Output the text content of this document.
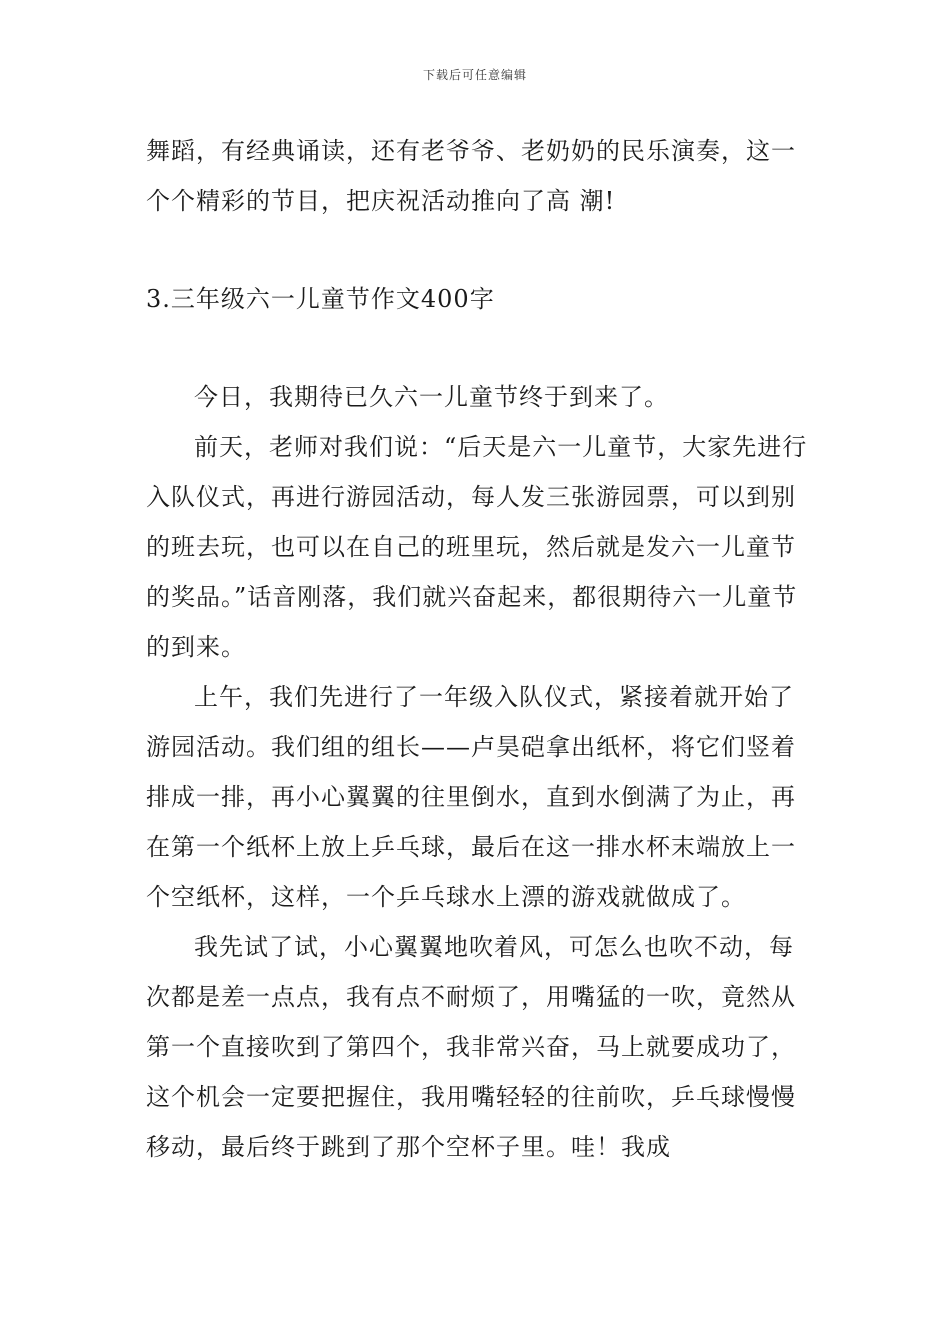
下载后可任意编辑

舞蹈，有经典诵读，还有老爷爷、老奶奶的民乐演奏，这一个个精彩的节目，把庆祝活动推向了高 潮!

3.三年级六一儿童节作文400字

今日，我期待已久六一儿童节终于到来了。

前天，老师对我们说：“后天是六一儿童节，大家先进行入队仪式，再进行游园活动，每人发三张游园票，可以到别的班去玩，也可以在自己的班里玩，然后就是发六一儿童节的奖品。”话音刚落，我们就兴奋起来，都很期待六一儿童节的到来。

上午，我们先进行了一年级入队仪式，紧接着就开始了游园活动。我们组的组长——卢昊硙拿出纸杯，将它们竖着排成一排，再小心翼翼的往里倒水，直到水倒满了为止，再在第一个纸杯上放上乒乓球，最后在这一排水杯末端放上一个空纸杯，这样，一个乒乓球水上漂的游戏就做成了。

我先试了试，小心翼翼地吹着风，可怎么也吹不动，每次都是差一点点，我有点不耐烦了，用嘴猛的一吹，竟然从第一个直接吹到了第四个，我非常兴奋，马上就要成功了，这个机会一定要把握住，我用嘴轻轻的往前吹，乒乓球慢慢移动，最后终于跳到了那个空杯子里。哇！我成
